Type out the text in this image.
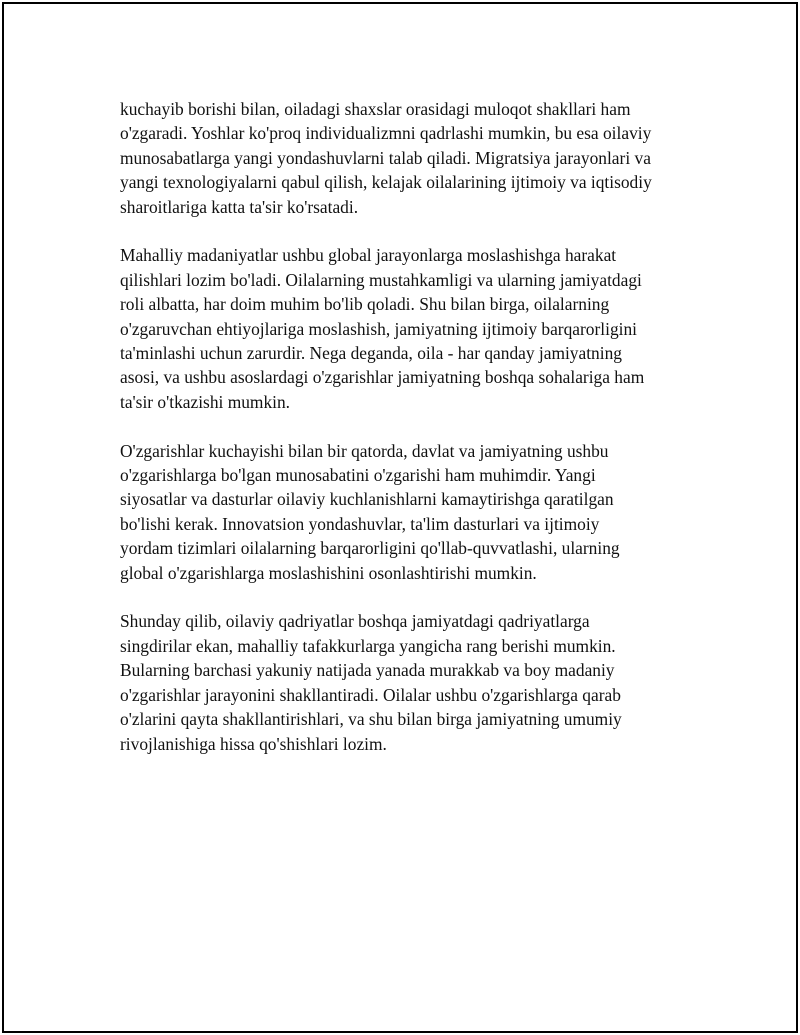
kuchayib borishi bilan, oiladagi shaxslar orasidagi muloqot shakllari ham
o'zgaradi. Yoshlar ko'proq individualizmni qadrlashi mumkin, bu esa oilaviy
munosabatlarga yangi yondashuvlarni talab qiladi. Migratsiya jarayonlari va
yangi texnologiyalarni qabul qilish, kelajak oilalarining ijtimoiy va iqtisodiy
sharoitlariga katta ta'sir ko'rsatadi.

Mahalliy madaniyatlar ushbu global jarayonlarga moslashishga harakat
qilishlari lozim bo'ladi. Oilalarning mustahkamligi va ularning jamiyatdagi
roli albatta, har doim muhim bo'lib qoladi. Shu bilan birga, oilalarning
o'zgaruvchan ehtiyojlariga moslashish, jamiyatning ijtimoiy barqarorligini
ta'minlashi uchun zarurdir. Nega deganda, oila - har qanday jamiyatning
asosi, va ushbu asoslardagi o'zgarishlar jamiyatning boshqa sohalariga ham
ta'sir o'tkazishi mumkin.

O'zgarishlar kuchayishi bilan bir qatorda, davlat va jamiyatning ushbu
o'zgarishlarga bo'lgan munosabatini o'zgarishi ham muhimdir. Yangi
siyosatlar va dasturlar oilaviy kuchlanishlarni kamaytirishga qaratilgan
bo'lishi kerak. Innovatsion yondashuvlar, ta'lim dasturlari va ijtimoiy
yordam tizimlari oilalarning barqarorligini qo'llab-quvvatlashi, ularning
global o'zgarishlarga moslashishini osonlashtirishi mumkin.

Shunday qilib, oilaviy qadriyatlar boshqa jamiyatdagi qadriyatlarga
singdirilar ekan, mahalliy tafakkurlarga yangicha rang berishi mumkin.
Bularning barchasi yakuniy natijada yanada murakkab va boy madaniy
o'zgarishlar jarayonini shakllantiradi. Oilalar ushbu o'zgarishlarga qarab
o'zlarini qayta shakllantirishlari, va shu bilan birga jamiyatning umumiy
rivojlanishiga hissa qo'shishlari lozim.
